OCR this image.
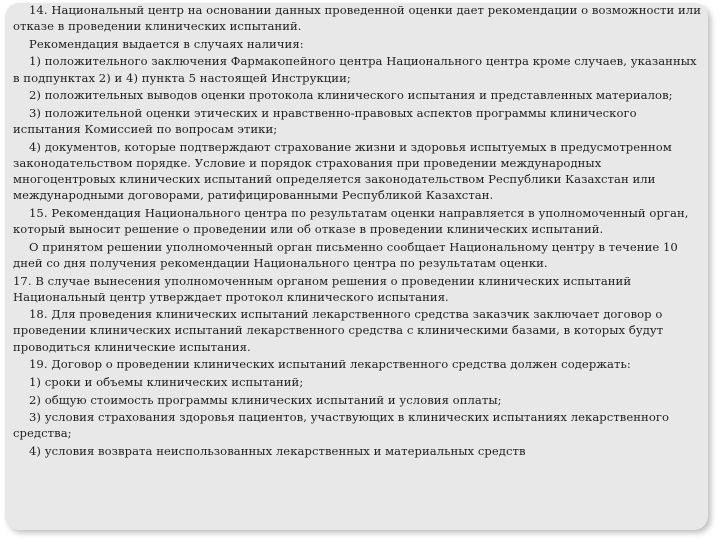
14. Национальный центр на основании данных проведенной оценки дает рекомендации о возможности или отказе в проведении клинических испытаний.

Рекомендация выдается в случаях наличия:

1) положительного заключения Фармакопейного центра Национального центра кроме случаев, указанных в подпунктах 2) и 4) пункта 5 настоящей Инструкции;

2) положительных выводов оценки протокола клинического испытания и представленных материалов;

3) положительной оценки этических и нравственно-правовых аспектов программы клинического испытания Комиссией по вопросам этики;

4) документов, которые подтверждают страхование жизни и здоровья испытуемых в предусмотренном законодательством порядке. Условие и порядок страхования при проведении международных многоцентровых клинических испытаний определяется законодательством Республики Казахстан или международными договорами, ратифицированными Республикой Казахстан.

15. Рекомендация Национального центра по результатам оценки направляется в уполномоченный орган, который выносит решение о проведении или об отказе в проведении клинических испытаний.

О принятом решении уполномоченный орган письменно сообщает Национальному центру в течение 10 дней со дня получения рекомендации Национального центра по результатам оценки.

17. В случае вынесения уполномоченным органом решения о проведении клинических испытаний Национальный центр утверждает протокол клинического испытания.

18. Для проведения клинических испытаний лекарственного средства заказчик заключает договор о проведении клинических испытаний лекарственного средства с клиническими базами, в которых будут проводиться клинические испытания.

19. Договор о проведении клинических испытаний лекарственного средства должен содержать:

1) сроки и объемы клинических испытаний;

2) общую стоимость программы клинических испытаний и условия оплаты;

3) условия страхования здоровья пациентов, участвующих в клинических испытаниях лекарственного средства;

4) условия возврата неиспользованных лекарственных и материальных средств
